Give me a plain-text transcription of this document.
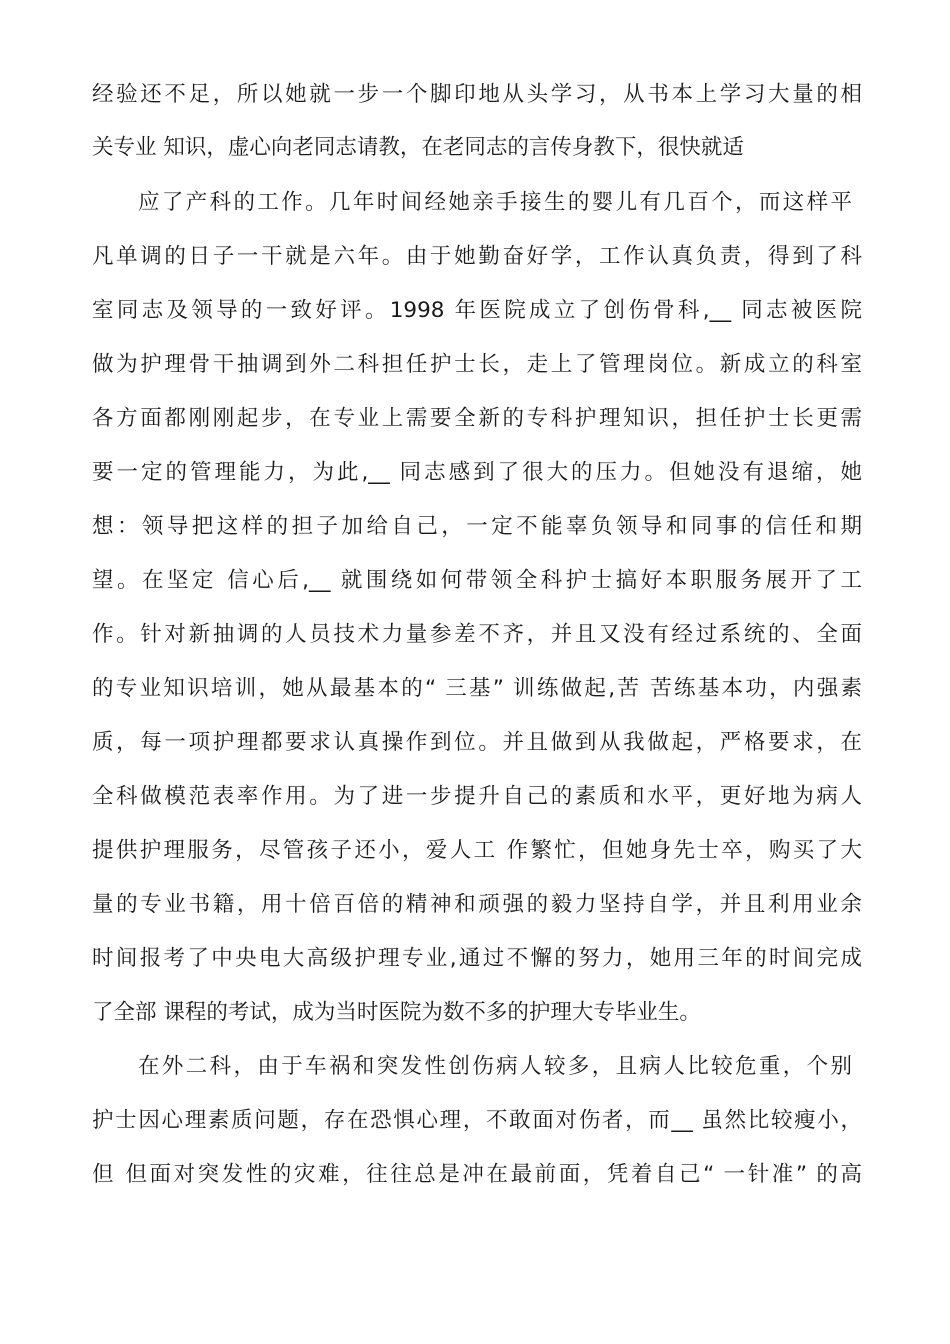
经验还不足，所以她就一步一个脚印地从头学习，从书本上学习大量的相
关专业 知识，虚心向老同志请教，在老同志的言传身教下，很快就适
应了产科的工作。几年时间经她亲手接生的婴儿有几百个，而这样平
凡单调的日子一干就是六年。由于她勤奋好学，工作认真负责，得到了科
室同志及领导的一致好评。1998 年医院成立了创伤骨科,__ 同志被医院
做为护理骨干抽调到外二科担任护士长，走上了管理岗位。新成立的科室
各方面都刚刚起步，在专业上需要全新的专科护理知识，担任护士长更需
要一定的管理能力，为此,__ 同志感到了很大的压力。但她没有退缩，她
想：领导把这样的担子加给自己，一定不能辜负领导和同事的信任和期
望。在坚定 信心后,__ 就围绕如何带领全科护士搞好本职服务展开了工
作。针对新抽调的人员技术力量参差不齐，并且又没有经过系统的、全面
的专业知识培训，她从最基本的“ 三基” 训练做起,苦 苦练基本功，内强素
质，每一项护理都要求认真操作到位。并且做到从我做起，严格要求，在
全科做模范表率作用。为了进一步提升自己的素质和水平，更好地为病人
提供护理服务，尽管孩子还小，爱人工 作繁忙，但她身先士卒，购买了大
量的专业书籍，用十倍百倍的精神和顽强的毅力坚持自学，并且利用业余
时间报考了中央电大高级护理专业,通过不懈的努力，她用三年的时间完成
了全部 课程的考试，成为当时医院为数不多的护理大专毕业生。
在外二科，由于车祸和突发性创伤病人较多，且病人比较危重，个别
护士因心理素质问题，存在恐惧心理，不敢面对伤者，而__ 虽然比较瘦小，
但 但面对突发性的灾难，往往总是冲在最前面，凭着自己“ 一针准” 的高
